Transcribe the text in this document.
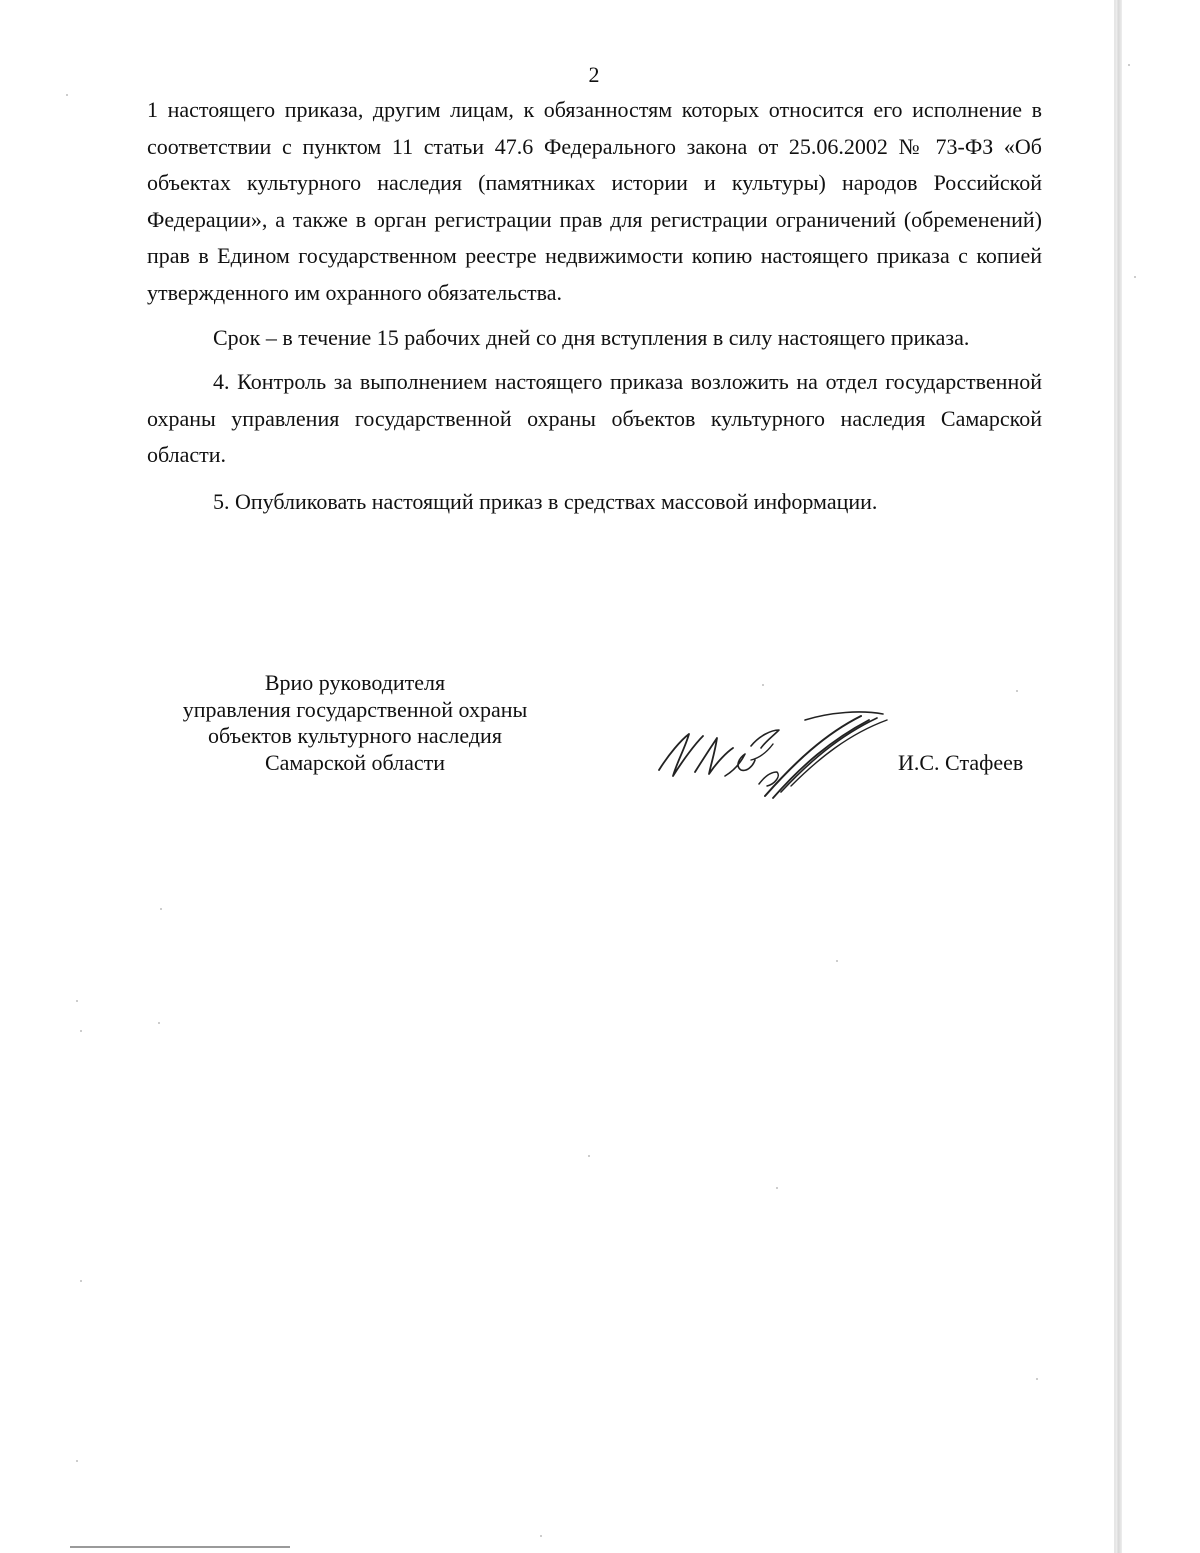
2

1 настоящего приказа, другим лицам, к обязанностям которых относится его исполнение в соответствии с пунктом 11 статьи 47.6 Федерального закона от 25.06.2002 № 73-ФЗ «Об объектах культурного наследия (памятниках истории и культуры) народов Российской Федерации», а также в орган регистрации прав для регистрации ограничений (обременений) прав в Едином государственном реестре недвижимости копию настоящего приказа с копией утвержденного им охранного обязательства.

Срок – в течение 15 рабочих дней со дня вступления в силу настоящего приказа.

4. Контроль за выполнением настоящего приказа возложить на отдел государственной охраны управления государственной охраны объектов культурного наследия Самарской области.

5. Опубликовать настоящий приказ в средствах массовой информации.

Врио руководителя
управления государственной охраны
объектов культурного наследия
Самарской области	И.С. Стафеев
